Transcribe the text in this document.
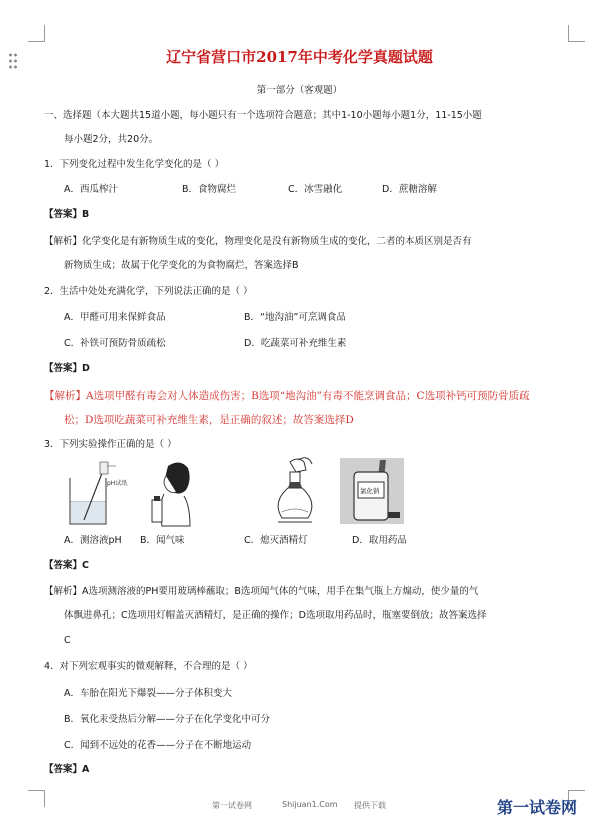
辽宁省营口市2017年中考化学真题试题
第一部分（客观题）
一、选择题（本大题共15道小题，每小题只有一个选项符合题意；其中1-10小题每小题1分，11-15小题
每小题2分，共20分。
1．下列变化过程中发生化学变化的是（ ）
A．西瓜榨汁	B．食物腐烂	C．冰雪融化	D．蔗糖溶解
【答案】B
【解析】化学变化是有新物质生成的变化，物理变化是没有新物质生成的变化，二者的本质区别是否有
新物质生成；故属于化学变化的为食物腐烂，答案选择B
2．生活中处处充满化学，下列说法正确的是（ ）
A．甲醛可用来保鲜食品	B．“地沟油”可烹调食品
C．补铁可预防骨质疏松	D．吃蔬菜可补充维生素
【答案】D
【解析】A选项甲醛有毒会对人体造成伤害；B选项“地沟油”有毒不能烹调食品；C选项补钙可预防骨质疏
松；D选项吃蔬菜可补充维生素，是正确的叙述；故答案选择D
3．下列实验操作正确的是（ ）
pH试纸
氯化钠
A．测溶液pH B．闻气味	C．熄灭酒精灯	D．取用药品
【答案】C
【解析】A选项测溶液的PH要用玻璃棒蘸取；B选项闻气体的气味，用手在集气瓶上方煽动，使少量的气
体飘进鼻孔；C选项用灯帽盖灭酒精灯，是正确的操作；D选项取用药品时，瓶塞要倒放；故答案选择
C
4．对下列宏观事实的微观解释，不合理的是（ ）
A．车胎在阳光下爆裂——分子体积变大
B．氧化汞受热后分解——分子在化学变化中可分
C．闻到不远处的花香——分子在不断地运动
【答案】A
第一试卷网	Shijuan1.Com 提供下载	第一试卷网
